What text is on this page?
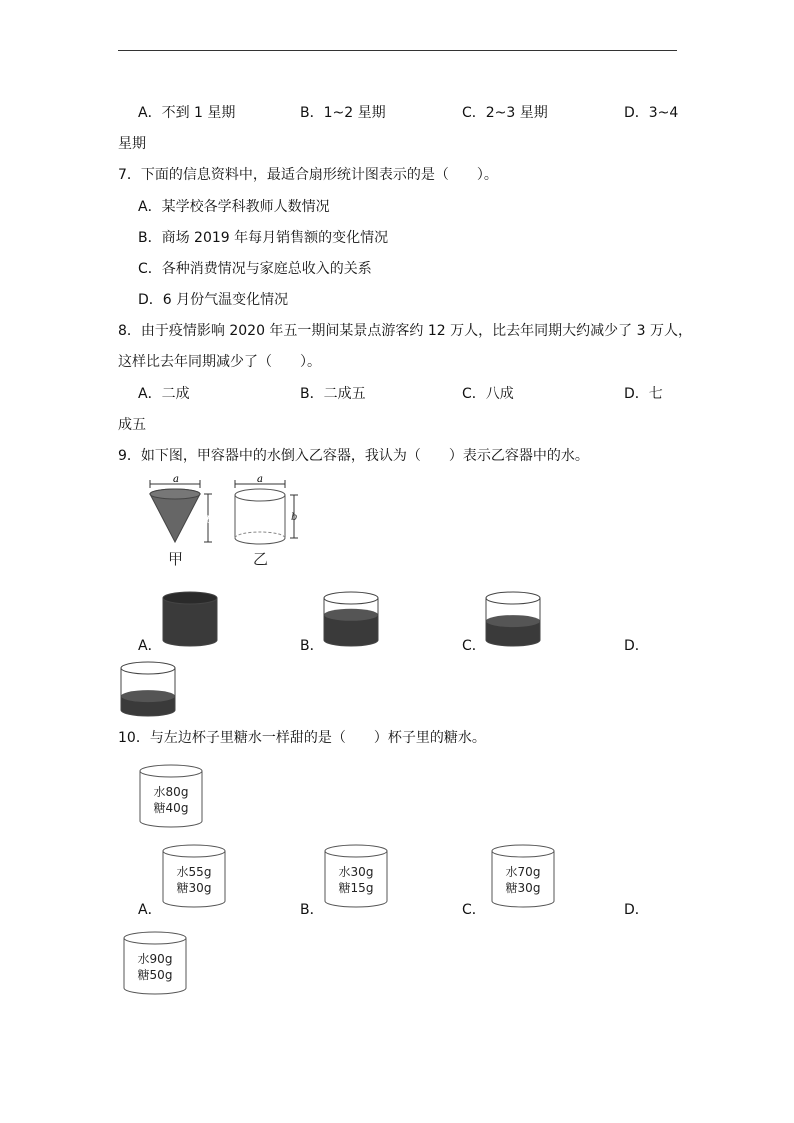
A．不到 1 星期	B．1~2 星期	C．2~3 星期	D．3~4
星期
7．下面的信息资料中，最适合扇形统计图表示的是（　　）。
A．某学校各学科教师人数情况
B．商场 2019 年每月销售额的变化情况
C．各种消费情况与家庭总收入的关系
D．6 月份气温变化情况
8．由于疫情影响 2020 年五一期间某景点游客约 12 万人，比去年同期大约减少了 3 万人，
这样比去年同期减少了（　　）。
A．二成	B．二成五	C．八成	D．七
成五
9．如下图，甲容器中的水倒入乙容器，我认为（　　）表示乙容器中的水。
a
b
甲
a
b
乙
A．	B．	C．	D．
10．与左边杯子里糖水一样甜的是（　　）杯子里的糖水。
水80g
糖40g
水55g
糖30g
水30g
糖15g
水70g
糖30g
水90g
糖50g
A．	B．	C．	D．
